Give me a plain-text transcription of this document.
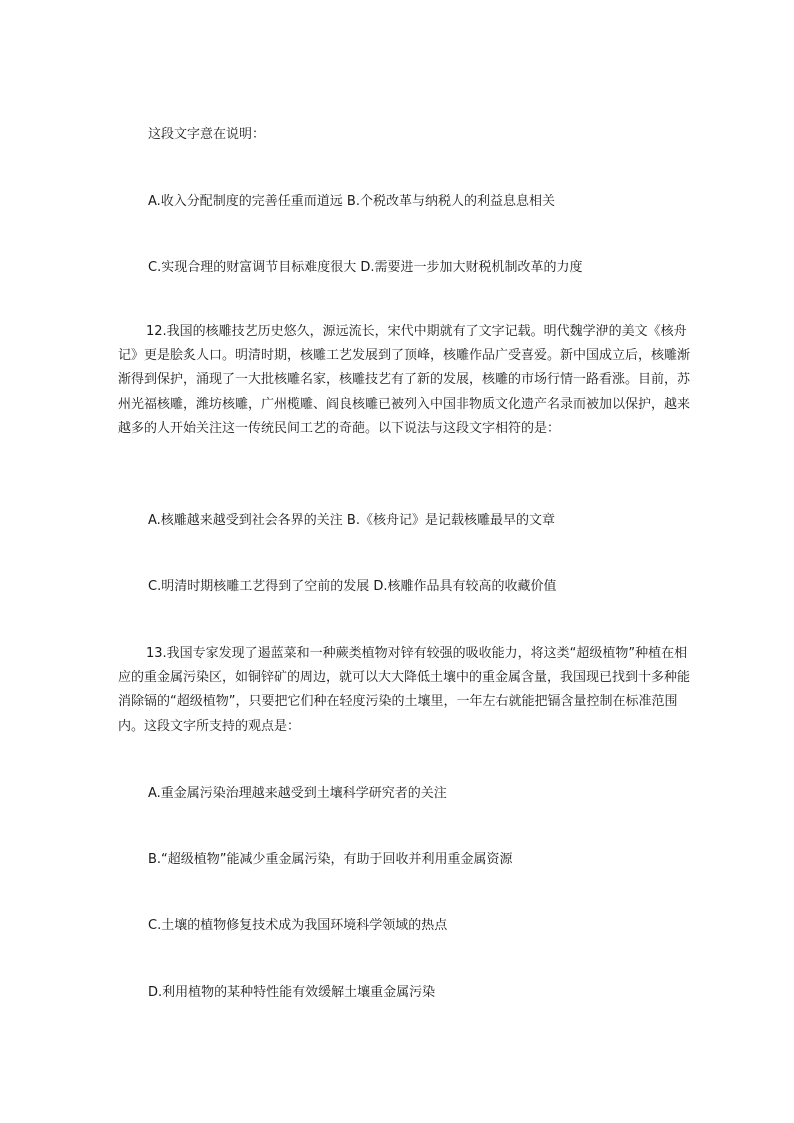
这段文字意在说明：
A.收入分配制度的完善任重而道远 B.个税改革与纳税人的利益息息相关
C.实现合理的财富调节目标难度很大 D.需要进一步加大财税机制改革的力度
12.我国的核雕技艺历史悠久，源远流长，宋代中期就有了文字记载。明代魏学洢的美文《核舟记》更是脍炙人口。明清时期，核雕工艺发展到了顶峰，核雕作品广受喜爱。新中国成立后，核雕渐渐得到保护，涌现了一大批核雕名家，核雕技艺有了新的发展，核雕的市场行情一路看涨。目前，苏州光福核雕，潍坊核雕，广州榄雕、阎良核雕已被列入中国非物质文化遗产名录而被加以保护，越来越多的人开始关注这一传统民间工艺的奇葩。以下说法与这段文字相符的是：
A.核雕越来越受到社会各界的关注 B.《核舟记》是记载核雕最早的文章
C.明清时期核雕工艺得到了空前的发展 D.核雕作品具有较高的收藏价值
13.我国专家发现了遏蓝菜和一种蕨类植物对锌有较强的吸收能力，将这类“超级植物”种植在相应的重金属污染区，如铜锌矿的周边，就可以大大降低土壤中的重金属含量，我国现已找到十多种能消除镉的“超级植物”，只要把它们种在轻度污染的土壤里，一年左右就能把镉含量控制在标准范围内。这段文字所支持的观点是：
A.重金属污染治理越来越受到土壤科学研究者的关注
B.“超级植物”能减少重金属污染，有助于回收并利用重金属资源
C.土壤的植物修复技术成为我国环境科学领域的热点
D.利用植物的某种特性能有效缓解土壤重金属污染
